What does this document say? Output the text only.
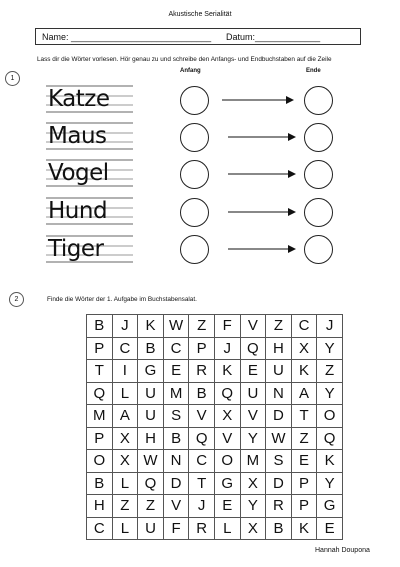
Akustische Serialität
Name: ____________________________ Datum:_____________
1
Lass dir die Wörter vorlesen. Hör genau zu und schreibe den Anfangs- und Endbuchstaben auf die Zeile
Anfang	Ende
Katze
Maus
Vogel
Hund
Tiger
2	Finde die Wörter der 1. Aufgabe im Buchstabensalat.
B	J	K	W	Z	F	V	Z	C	J
P	C	B	C	P	J	Q	H	X	Y
T	I	G	E	R	K	E	U	K	Z
Q	L	U	M	B	Q	U	N	A	Y
M	A	U	S	V	X	V	D	T	O
P	X	H	B	Q	V	Y	W	Z	Q
O	X	W	N	C	O	M	S	E	K
B	L	Q	D	T	G	X	D	P	Y
H	Z	Z	V	J	E	Y	R	P	G
C	L	U	F	R	L	X	B	K	E
Hannah Doupona
